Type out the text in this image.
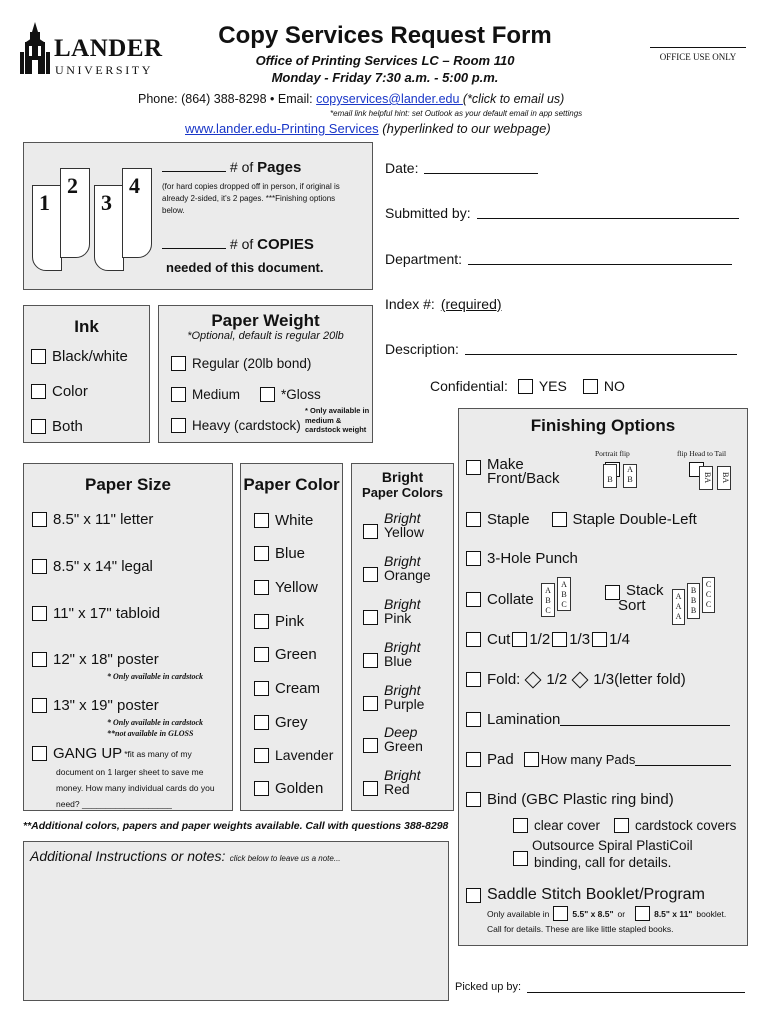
LANDER
UNIVERSITY
Copy Services Request Form
Office of Printing Services LC – Room 110
Monday - Friday 7:30 a.m. - 5:00 p.m.
OFFICE USE ONLY
Phone: (864) 388-8298 • Email: copyservices@lander.edu (*click to email us)
*email link helpful hint: set Outlook as your default email in app settings
www.lander.edu-Printing Services (hyperlinked to our webpage)
1
2
3
4
# of Pages
(for hard copies dropped off in person, if original is already 2-sided, it's 2 pages. ***Finishing options below.
# of COPIES
needed of this document.
Date:
Submitted by:
Department:
Index #: (required)
Description:
Confidential: YES	NO
Ink
Black/white
Color
Both
Paper Weight
*Optional, default is regular 20lb
Regular (20lb bond)
Medium	*Gloss
Heavy (cardstock)
* Only available in medium & cardstock weight
Paper Size
8.5" x 11" letter
8.5" x 14" legal
11" x 17" tabloid
12" x 18" poster
* Only available in cardstock
13" x 19" poster
* Only available in cardstock
**not available in GLOSS
GANG UP *fit as many of my
document on 1 larger sheet to save me money. How many individual cards do you need? ___________________
Paper Color
White
Blue
Yellow
Pink
Green
Cream
Grey
Lavender
Golden
Bright
Paper Colors
Bright
Yellow
Bright
Orange
Bright
Pink
Bright
Blue
Bright
Purple
Deep
Green
Bright
Red
Finishing Options
Portrait flip	flip Head to Tail

B
A
B	BA	BA
Make
Front/Back
Staple	Staple Double-Left
3-Hole Punch
Collate
A
B
C
A
B
C
Stack
Sort
A
A
A
B
B
B
C
C
C
Cut 1/2 1/3 1/4
Fold: 1/2 1/3(letter fold)
Lamination
Pad How many Pads
Bind (GBC Plastic ring bind)
clear cover	cardstock covers
Outsource Spiral PlastiCoil
binding, call for details.
Saddle Stitch Booklet/Program
Only available in	5.5" x 8.5" or	8.5" x 11" booklet.
Call for details. These are like little stapled books.
**Additional colors, papers and paper weights available. Call with questions 388-8298
Additional Instructions or notes: click below to leave us a note...
Picked up by:
